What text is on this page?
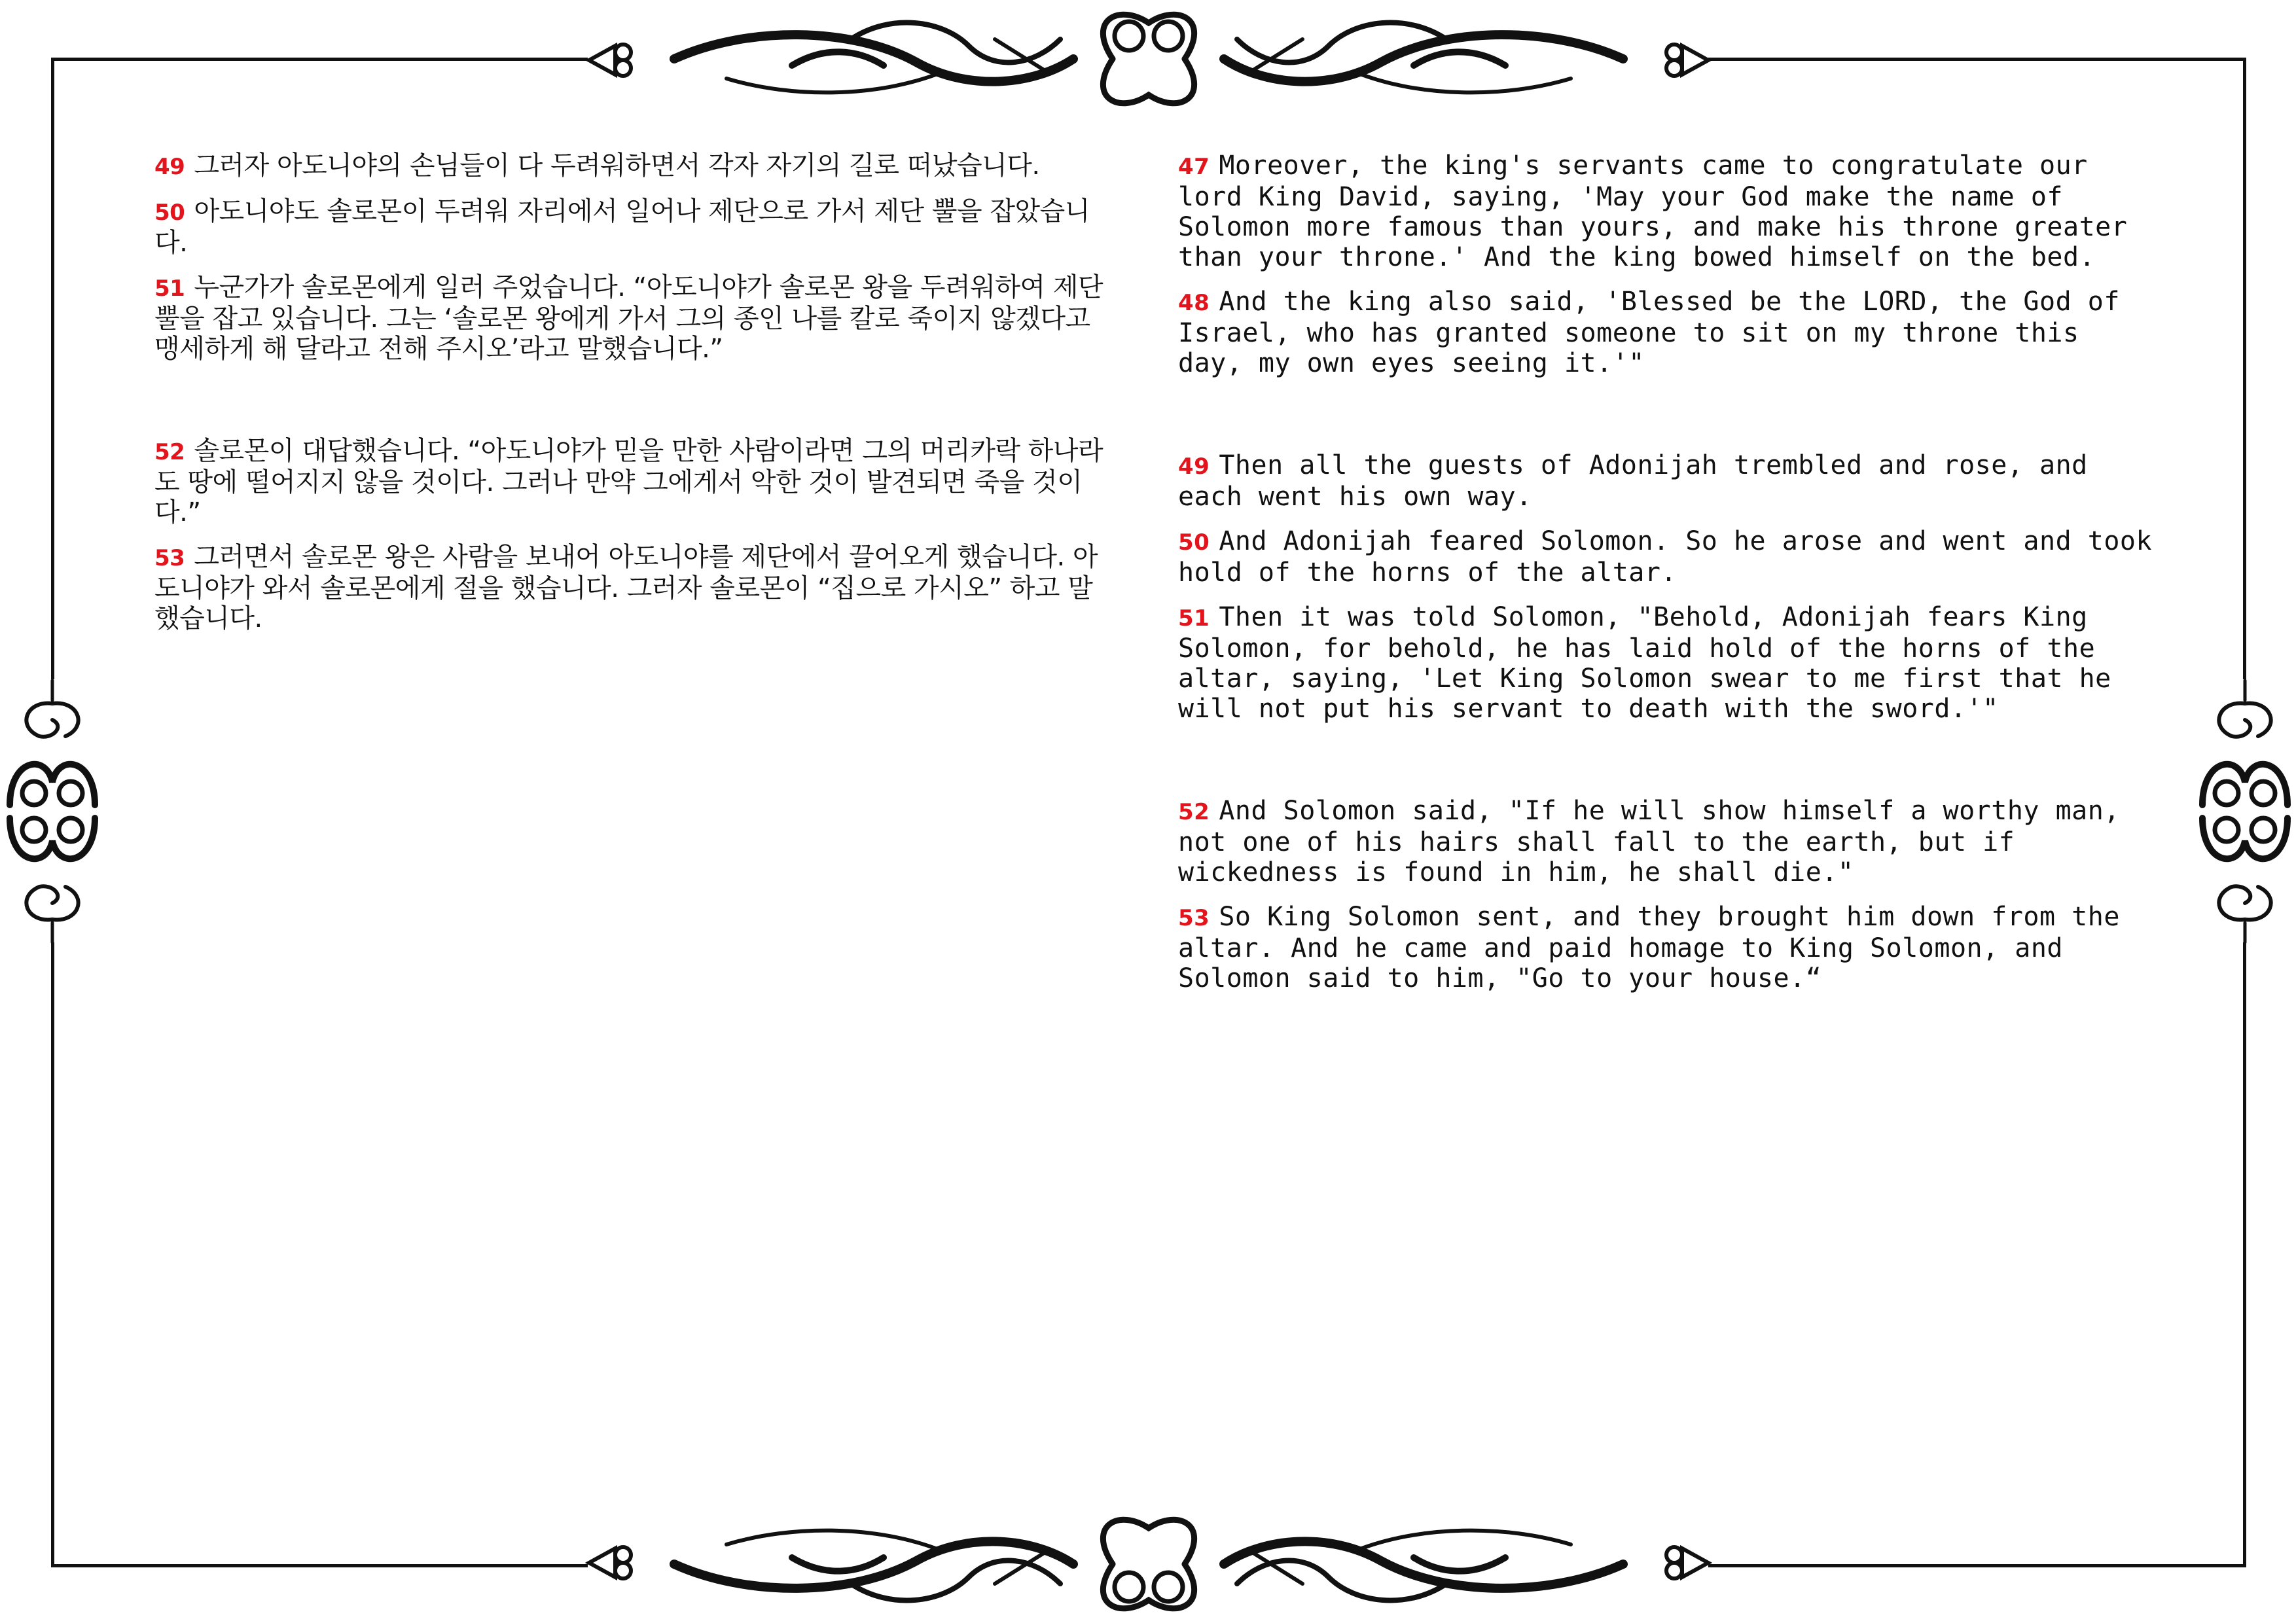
49 그러자 아도니야의 손님들이 다 두려워하면서 각자 자기의 길로 떠났습니다.

50 아도니야도 솔로몬이 두려워 자리에서 일어나 제단으로 가서 제단 뿔을 잡았습니다.

51 누군가가 솔로몬에게 일러 주었습니다. “아도니야가 솔로몬 왕을 두려워하여 제단 뿔을 잡고 있습니다. 그는 ‘솔로몬 왕에게 가서 그의 종인 나를 칼로 죽이지 않겠다고 맹세하게 해 달라고 전해 주시오’라고 말했습니다.”

52 솔로몬이 대답했습니다. “아도니야가 믿을 만한 사람이라면 그의 머리카락 하나라도 땅에 떨어지지 않을 것이다. 그러나 만약 그에게서 악한 것이 발견되면 죽을 것이다.”

53 그러면서 솔로몬 왕은 사람을 보내어 아도니야를 제단에서 끌어오게 했습니다. 아도니야가 와서 솔로몬에게 절을 했습니다. 그러자 솔로몬이 “집으로 가시오” 하고 말했습니다.

47 Moreover, the king's servants came to congratulate our lord King David, saying, 'May your God make the name of Solomon more famous than yours, and make his throne greater than your throne.' And the king bowed himself on the bed.

48 And the king also said, 'Blessed be the LORD, the God of Israel, who has granted someone to sit on my throne this day, my own eyes seeing it.'"

49 Then all the guests of Adonijah trembled and rose, and each went his own way.

50 And Adonijah feared Solomon. So he arose and went and took hold of the horns of the altar.

51 Then it was told Solomon, "Behold, Adonijah fears King Solomon, for behold, he has laid hold of the horns of the altar, saying, 'Let King Solomon swear to me first that he will not put his servant to death with the sword.'"

52 And Solomon said, "If he will show himself a worthy man, not one of his hairs shall fall to the earth, but if wickedness is found in him, he shall die."

53 So King Solomon sent, and they brought him down from the altar. And he came and paid homage to King Solomon, and Solomon said to him, "Go to your house.“
